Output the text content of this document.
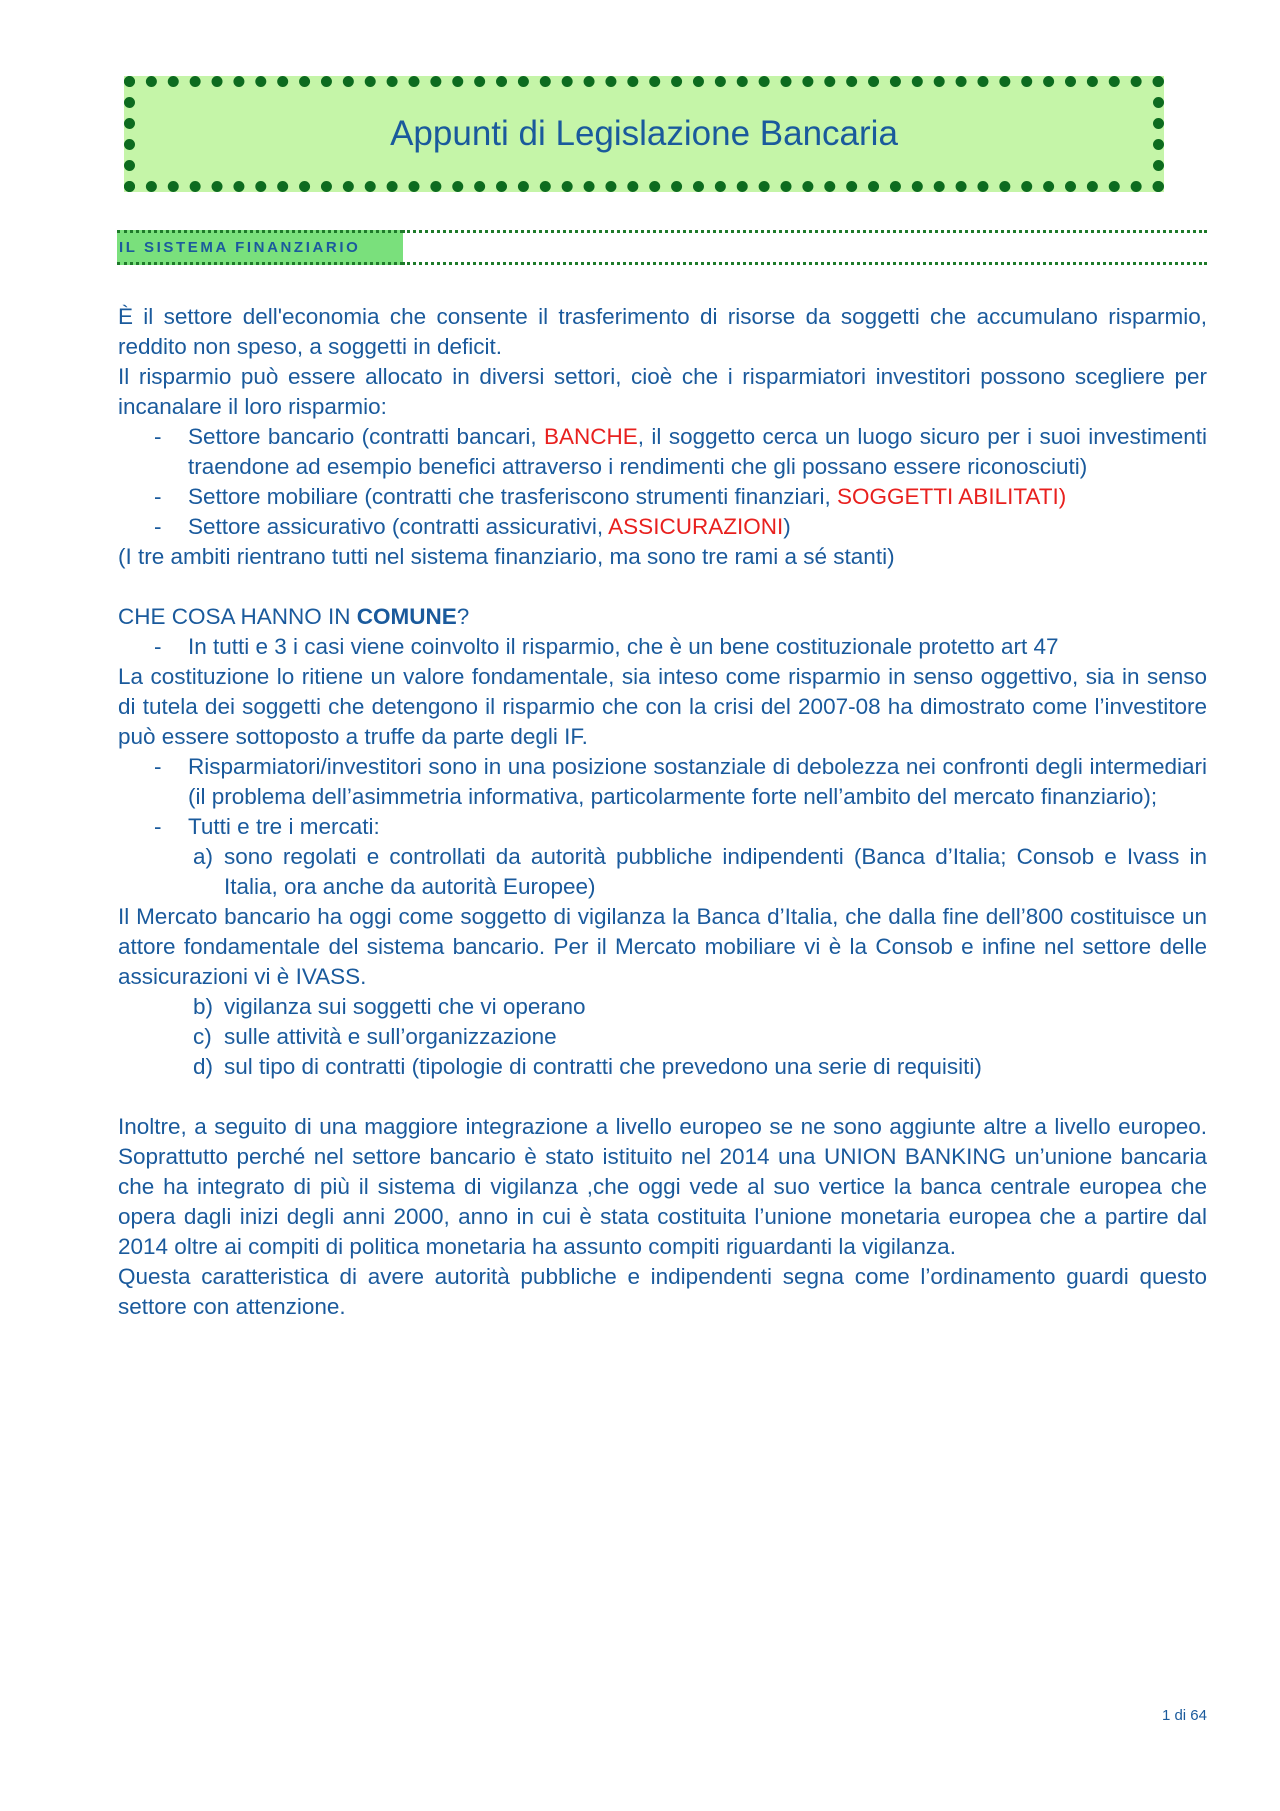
Appunti di Legislazione Bancaria
IL SISTEMA FINANZIARIO

È il settore dell'economia che consente il trasferimento di risorse da soggetti che accumulano risparmio, reddito non speso, a soggetti in deficit.

Il risparmio può essere allocato in diversi settori, cioè che i risparmiatori investitori possono scegliere per incanalare il loro risparmio:

- Settore bancario (contratti bancari, BANCHE, il soggetto cerca un luogo sicuro per i suoi investimenti traendone ad esempio benefici attraverso i rendimenti che gli possano essere riconosciuti)
- Settore mobiliare (contratti che trasferiscono strumenti finanziari, SOGGETTI ABILITATI)
- Settore assicurativo (contratti assicurativi, ASSICURAZIONI)

(I tre ambiti rientrano tutti nel sistema finanziario, ma sono tre rami a sé stanti)

CHE COSA HANNO IN COMUNE?

- In tutti e 3 i casi viene coinvolto il risparmio, che è un bene costituzionale protetto art 47

La costituzione lo ritiene un valore fondamentale, sia inteso come risparmio in senso oggettivo, sia in senso di tutela dei soggetti che detengono il risparmio che con la crisi del 2007-08 ha dimostrato come l’investitore può essere sottoposto a truffe da parte degli IF.

- Risparmiatori/investitori sono in una posizione sostanziale di debolezza nei confronti degli intermediari (il problema dell’asimmetria informativa, particolarmente forte nell’ambito del mercato finanziario);
- Tutti e tre i mercati:
a) sono regolati e controllati da autorità pubbliche indipendenti (Banca d’Italia; Consob e Ivass in Italia, ora anche da autorità Europee)

Il Mercato bancario ha oggi come soggetto di vigilanza la Banca d’Italia, che dalla fine dell’800 costituisce un attore fondamentale del sistema bancario. Per il Mercato mobiliare vi è la Consob e infine nel settore delle assicurazioni vi è IVASS.

b) vigilanza sui soggetti che vi operano
c) sulle attività e sull’organizzazione
d) sul tipo di contratti (tipologie di contratti che prevedono una serie di requisiti)

Inoltre, a seguito di una maggiore integrazione a livello europeo se ne sono aggiunte altre a livello europeo. Soprattutto perché nel settore bancario è stato istituito nel 2014 una UNION BANKING un’unione bancaria che ha integrato di più il sistema di vigilanza ,che oggi vede al suo vertice la banca centrale europea che opera dagli inizi degli anni 2000, anno in cui è stata costituita l’unione monetaria europea che a partire dal 2014 oltre ai compiti di politica monetaria ha assunto compiti riguardanti la vigilanza.

Questa caratteristica di avere autorità pubbliche e indipendenti segna come l’ordinamento guardi questo settore con attenzione.

1 di 64
